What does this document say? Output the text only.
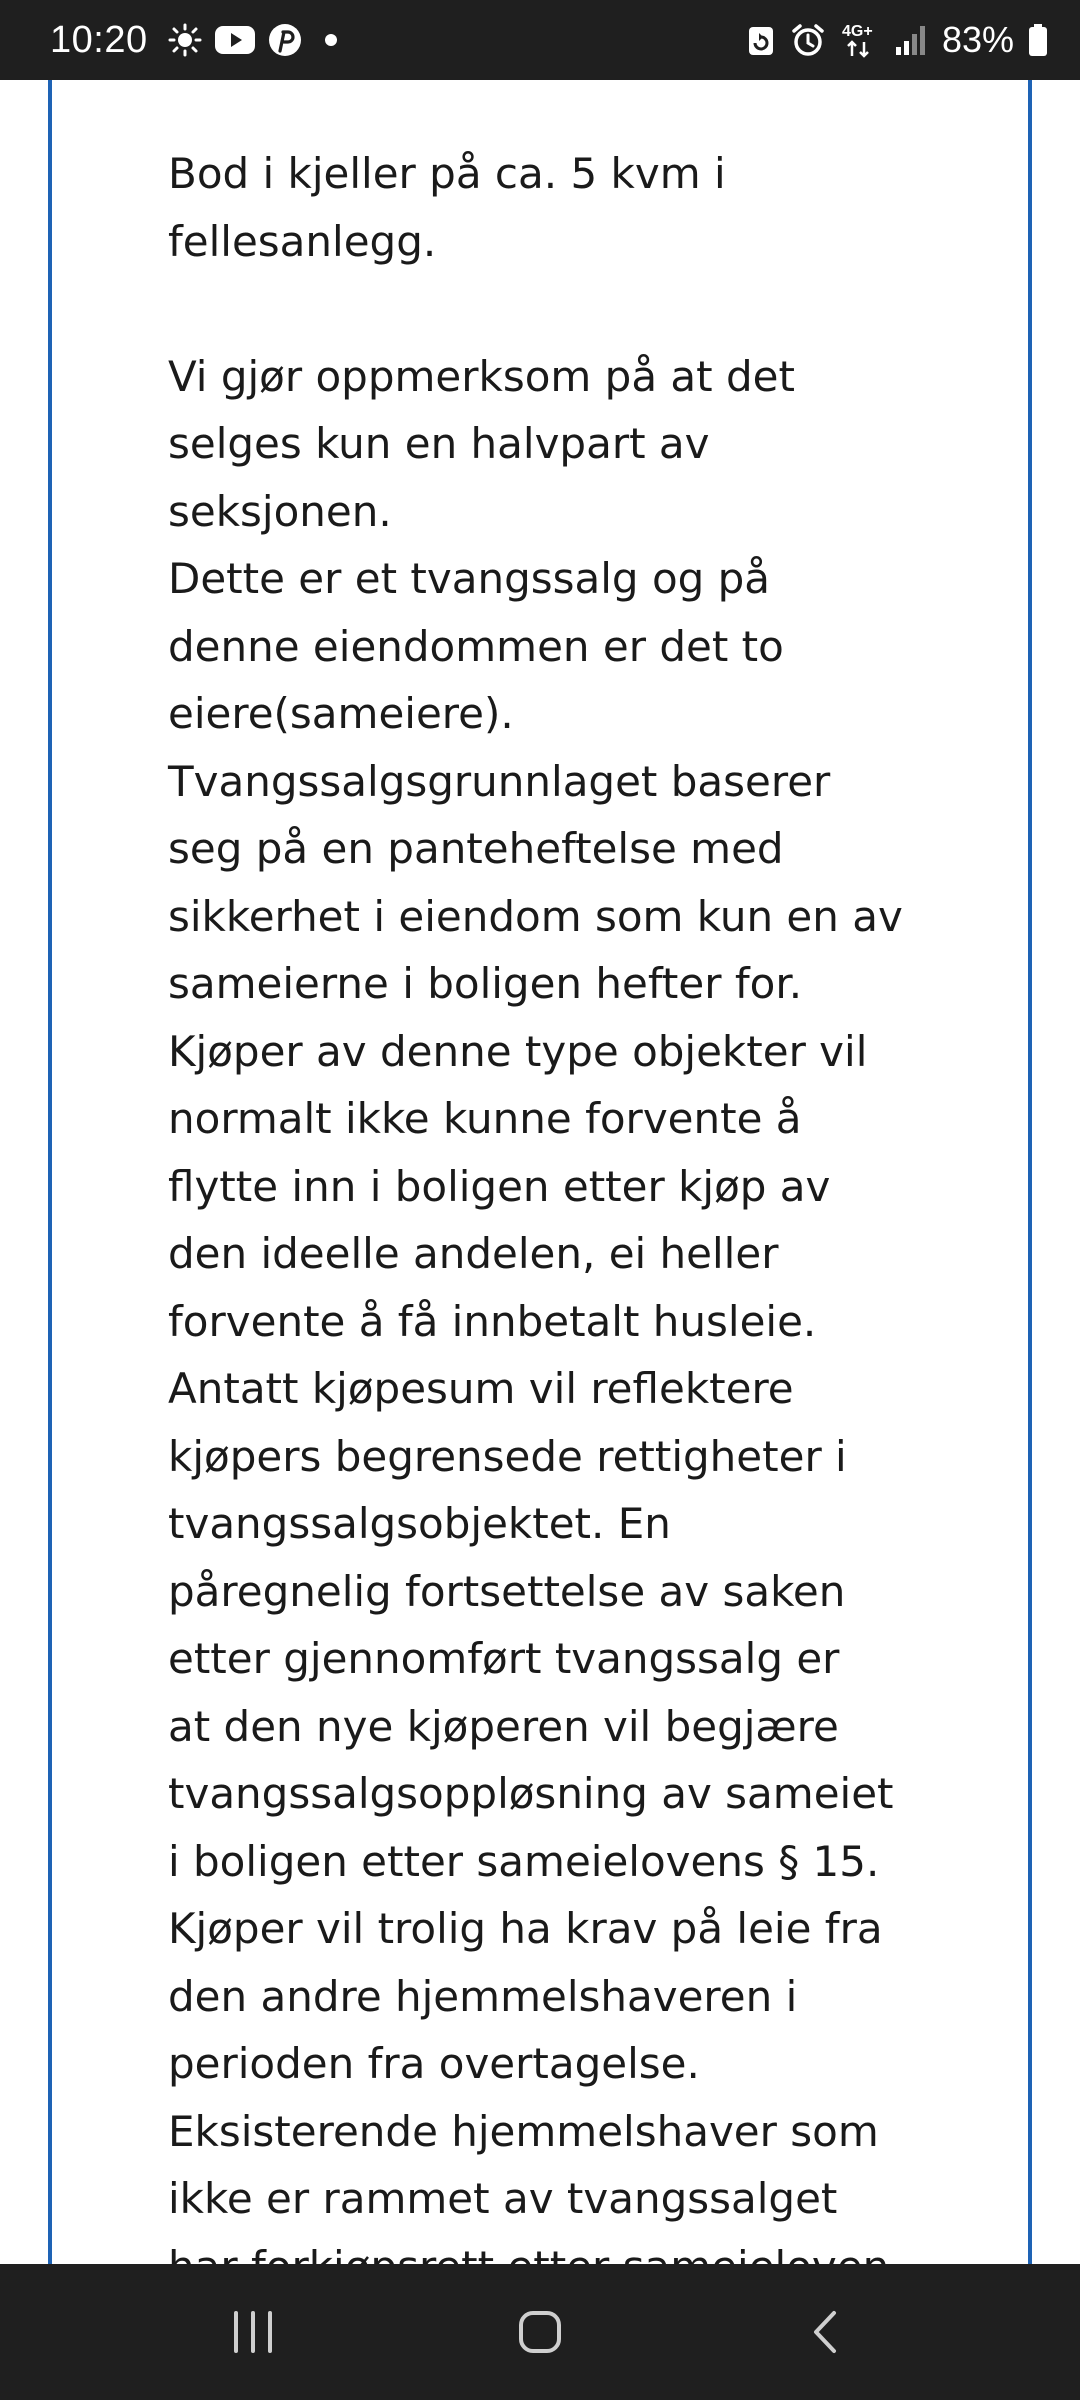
10:20	4G+ 83%

Bod i kjeller på ca. 5 kvm i fellesanlegg.

Vi gjør oppmerksom på at det
selges kun en halvpart av
seksjonen.
Dette er et tvangssalg og på
denne eiendommen er det to
eiere(sameiere).
Tvangssalgsgrunnlaget baserer
seg på en panteheftelse med
sikkerhet i eiendom som kun en av
sameierne i boligen hefter for.
Kjøper av denne type objekter vil
normalt ikke kunne forvente å
flytte inn i boligen etter kjøp av
den ideelle andelen, ei heller
forvente å få innbetalt husleie.
Antatt kjøpesum vil reflektere
kjøpers begrensede rettigheter i
tvangssalgsobjektet. En
påregnelig fortsettelse av saken
etter gjennomført tvangssalg er
at den nye kjøperen vil begjære
tvangssalgsoppløsning av sameiet
i boligen etter sameielovens § 15.
Kjøper vil trolig ha krav på leie fra
den andre hjemmelshaveren i
perioden fra overtagelse.
Eksisterende hjemmelshaver som
ikke er rammet av tvangssalget
